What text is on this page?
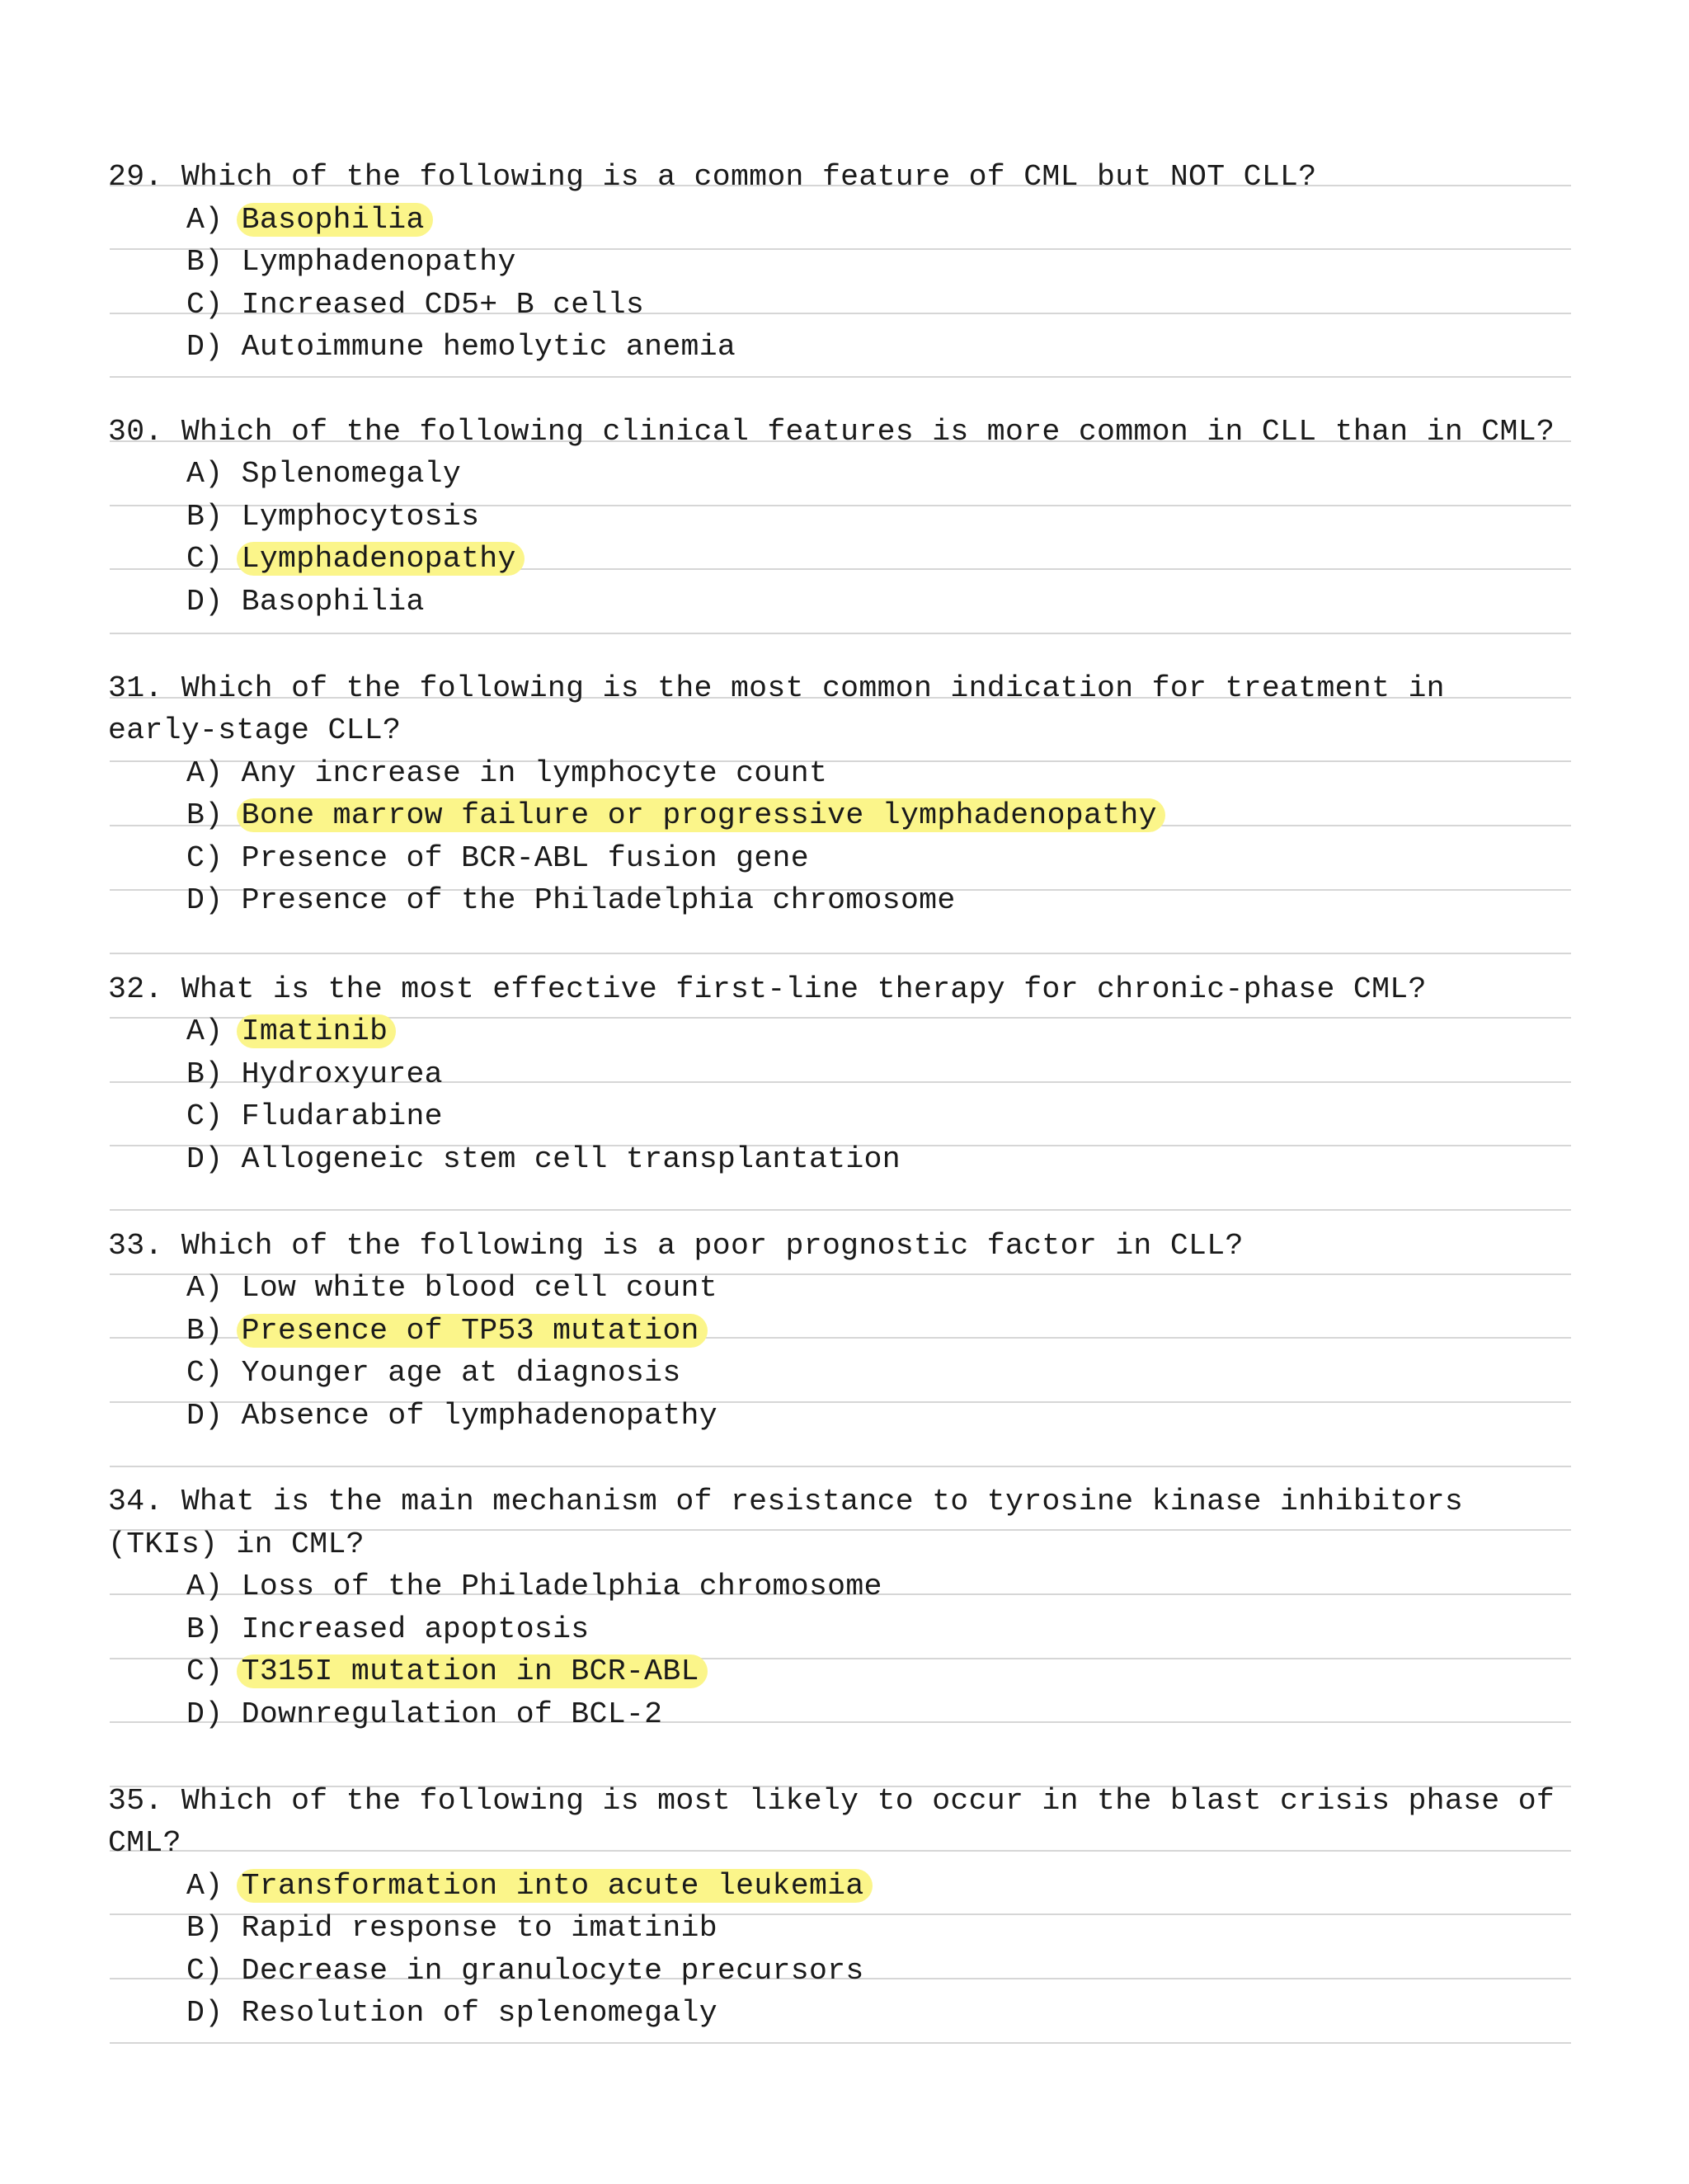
29. Which of the following is a common feature of CML but NOT CLL?
A) Basophilia
B) Lymphadenopathy
C) Increased CD5+ B cells
D) Autoimmune hemolytic anemia
30. Which of the following clinical features is more common in CLL than in CML?
A) Splenomegaly
B) Lymphocytosis
C) Lymphadenopathy
D) Basophilia
31. Which of the following is the most common indication for treatment in
early-stage CLL?
A) Any increase in lymphocyte count
B) Bone marrow failure or progressive lymphadenopathy
C) Presence of BCR-ABL fusion gene
D) Presence of the Philadelphia chromosome
32. What is the most effective first-line therapy for chronic-phase CML?
A) Imatinib
B) Hydroxyurea
C) Fludarabine
D) Allogeneic stem cell transplantation
33. Which of the following is a poor prognostic factor in CLL?
A) Low white blood cell count
B) Presence of TP53 mutation
C) Younger age at diagnosis
D) Absence of lymphadenopathy
34. What is the main mechanism of resistance to tyrosine kinase inhibitors
(TKIs) in CML?
A) Loss of the Philadelphia chromosome
B) Increased apoptosis
C) T315I mutation in BCR-ABL
D) Downregulation of BCL-2
35. Which of the following is most likely to occur in the blast crisis phase of
CML?
A) Transformation into acute leukemia
B) Rapid response to imatinib
C) Decrease in granulocyte precursors
D) Resolution of splenomegaly
